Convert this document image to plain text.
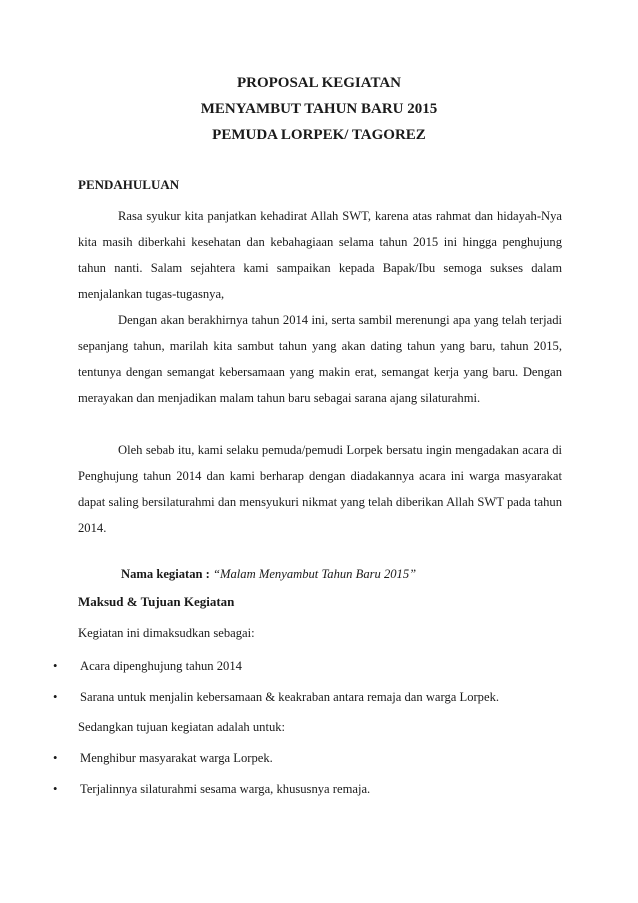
PROPOSAL KEGIATAN

MENYAMBUT TAHUN BARU 2015

PEMUDA LORPEK/ TAGOREZ

PENDAHULUAN

Rasa syukur kita panjatkan kehadirat Allah SWT, karena atas rahmat dan hidayah-Nya kita masih diberkahi kesehatan dan kebahagiaan selama tahun 2015 ini hingga penghujung tahun nanti. Salam sejahtera kami sampaikan kepada Bapak/Ibu semoga sukses dalam menjalankan tugas-tugasnya,

Dengan akan berakhirnya tahun 2014 ini, serta sambil merenungi apa yang telah terjadi sepanjang tahun, marilah kita sambut tahun yang akan dating tahun yang baru, tahun 2015, tentunya dengan semangat kebersamaan yang makin erat, semangat kerja yang baru. Dengan merayakan dan menjadikan malam tahun baru sebagai sarana ajang silaturahmi.

Oleh sebab itu, kami selaku pemuda/pemudi Lorpek bersatu ingin mengadakan acara di Penghujung tahun 2014 dan kami berharap dengan diadakannya acara ini warga masyarakat dapat saling bersilaturahmi dan mensyukuri nikmat yang telah diberikan Allah SWT pada tahun 2014.

Nama kegiatan : “Malam Menyambut Tahun Baru 2015”

Maksud & Tujuan Kegiatan

Kegiatan ini dimaksudkan sebagai:

• Acara dipenghujung tahun 2014

• Sarana untuk menjalin kebersamaan & keakraban antara remaja dan warga Lorpek.

Sedangkan tujuan kegiatan adalah untuk:

• Menghibur masyarakat warga Lorpek.

• Terjalinnya silaturahmi sesama warga, khususnya remaja.
